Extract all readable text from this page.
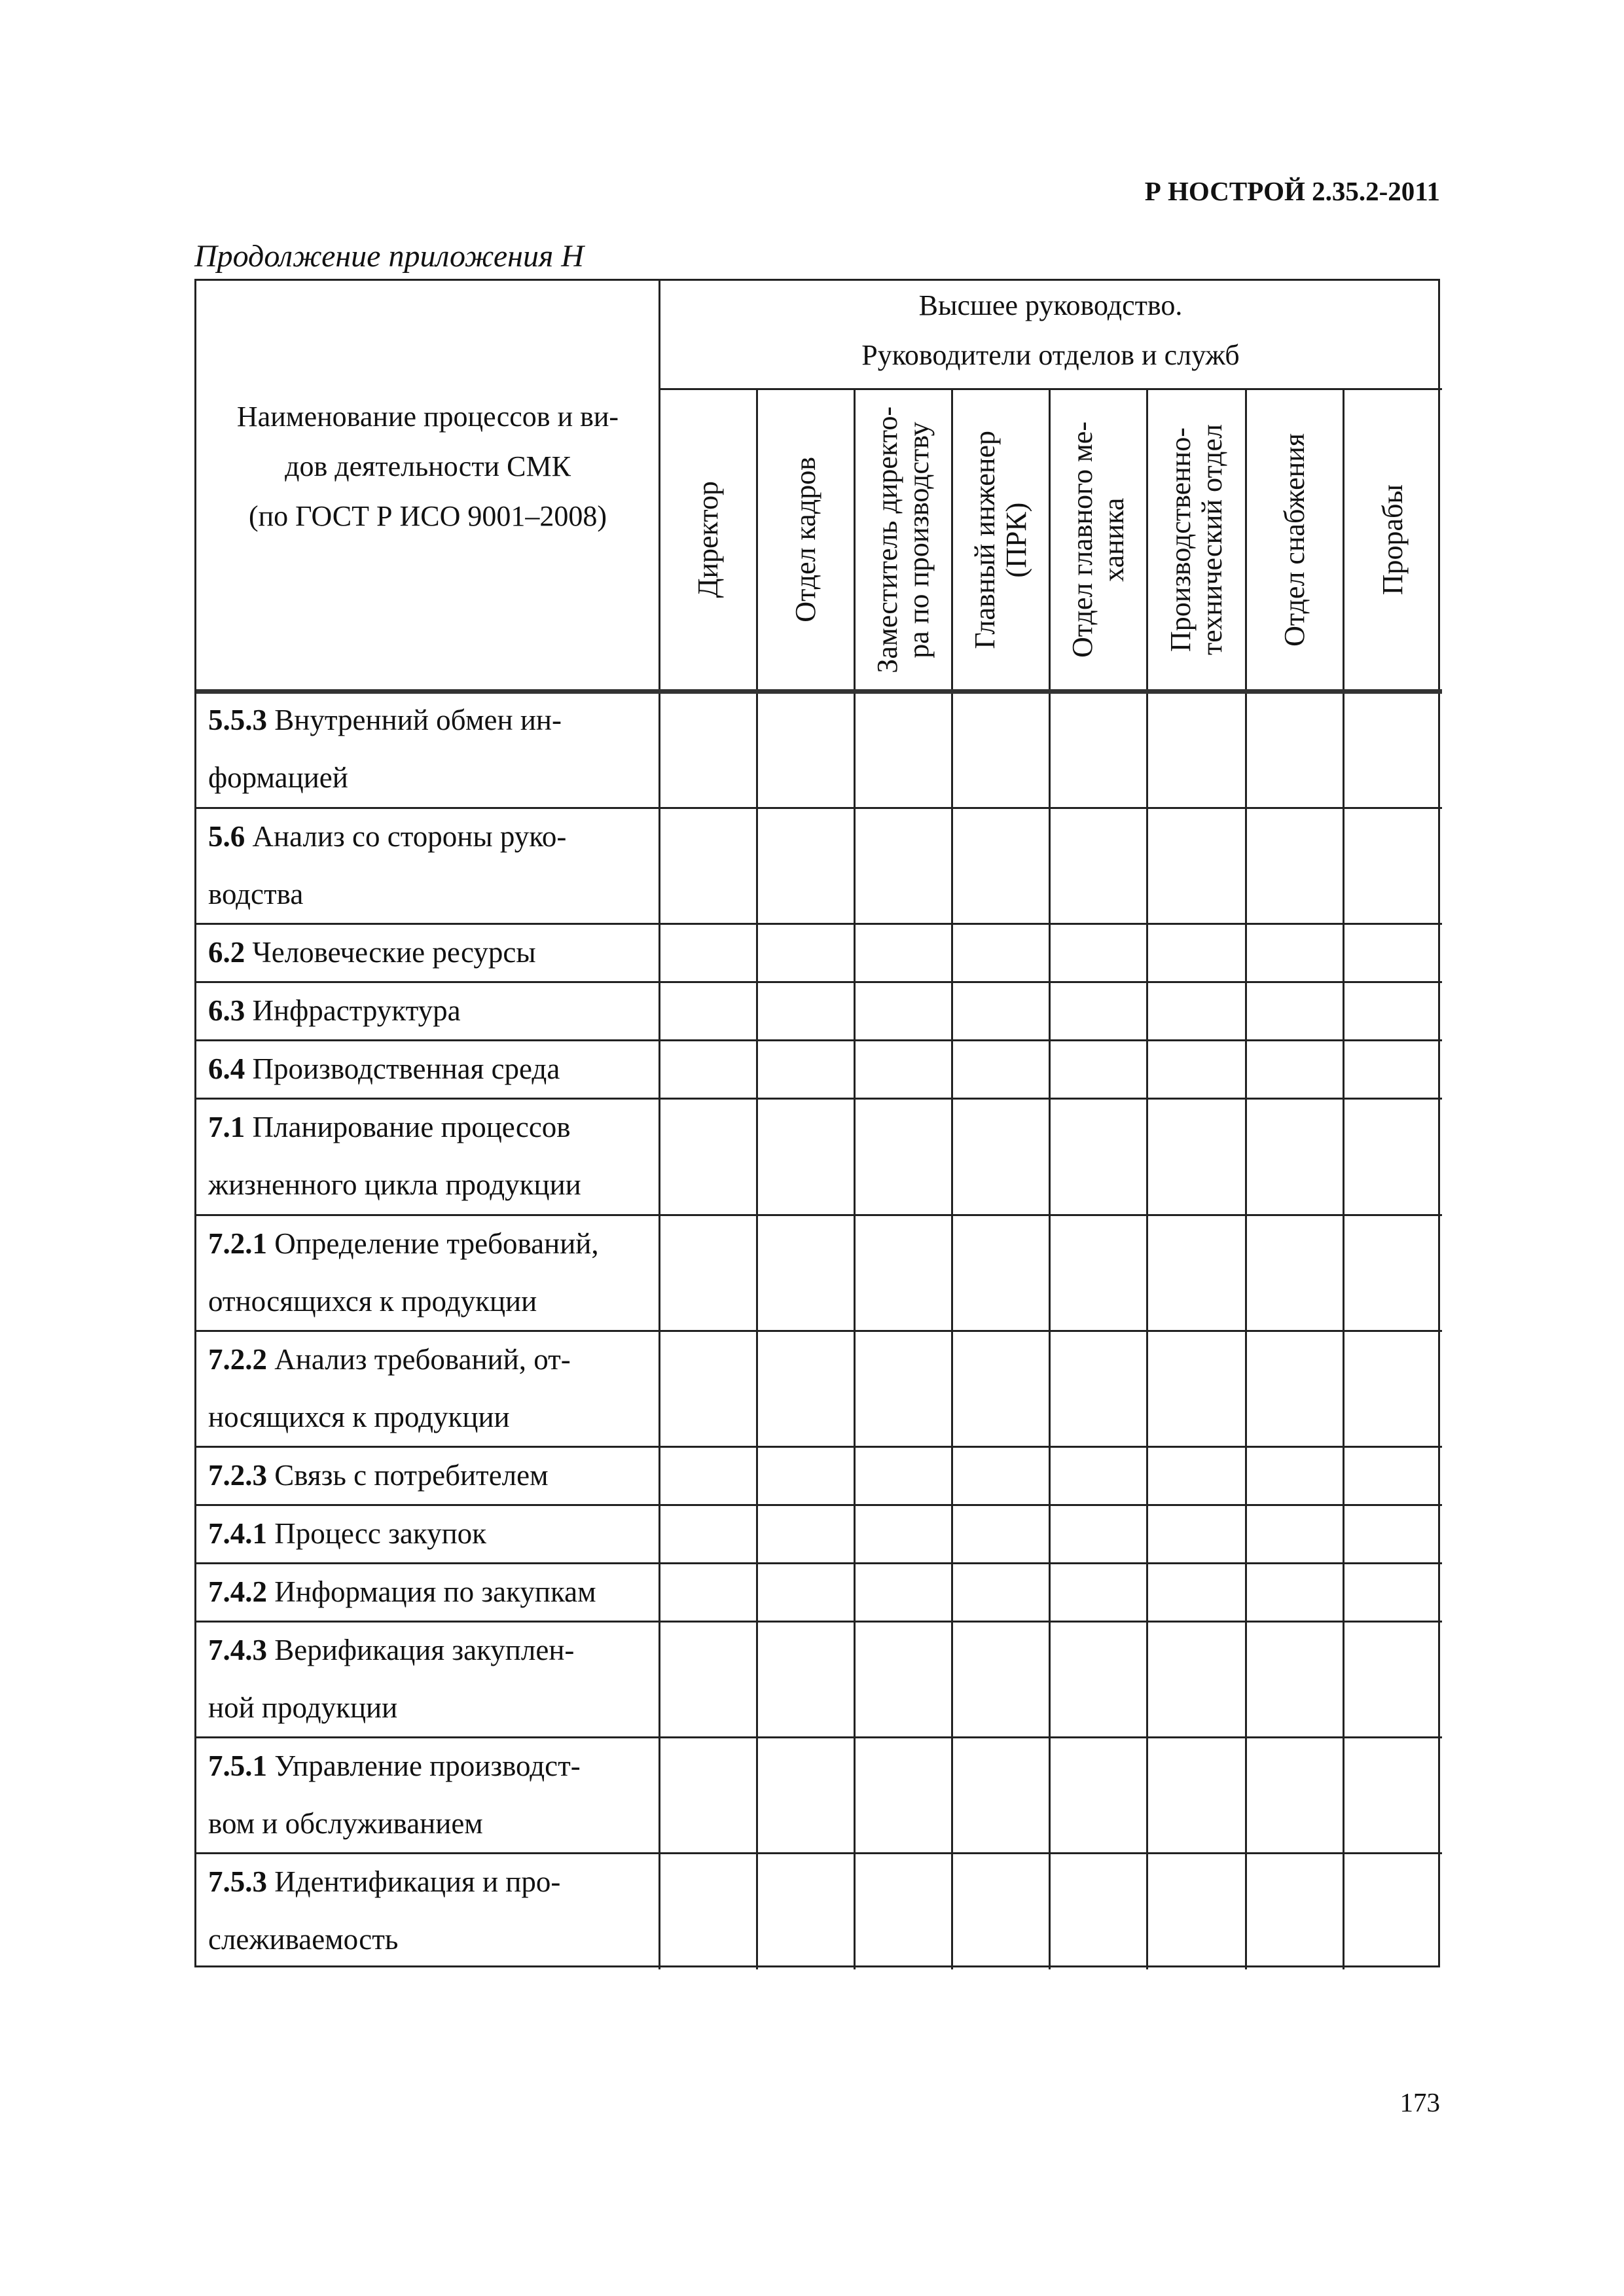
Р НОСТРОЙ 2.35.2-2011
Продолжение приложения Н
Наименование процессов и ви-
дов деятельности СМК
(по ГОСТ Р ИСО 9001–2008)
Высшее руководство.
Руководители отделов и служб
Директор Отдел кадров Заместитель директо-
ра по производству
Главный инженер
(ПРК)
Отдел главного ме-
ханика Производственно-
технический отдел Отдел снабжения Прорабы
5.5.3 Внутренний обмен ин-
формацией
5.6 Анализ со стороны руко-
водства
6.2 Человеческие ресурсы
6.3 Инфраструктура
6.4 Производственная среда
7.1 Планирование процессов
жизненного цикла продукции
7.2.1 Определение требований,
относящихся к продукции
7.2.2 Анализ требований, от-
носящихся к продукции
7.2.3 Связь с потребителем
7.4.1 Процесс закупок
7.4.2 Информация по закупкам
7.4.3 Верификация закуплен-
ной продукции
7.5.1 Управление производст-
вом и обслуживанием
7.5.3 Идентификация и про-
слеживаемость
173
